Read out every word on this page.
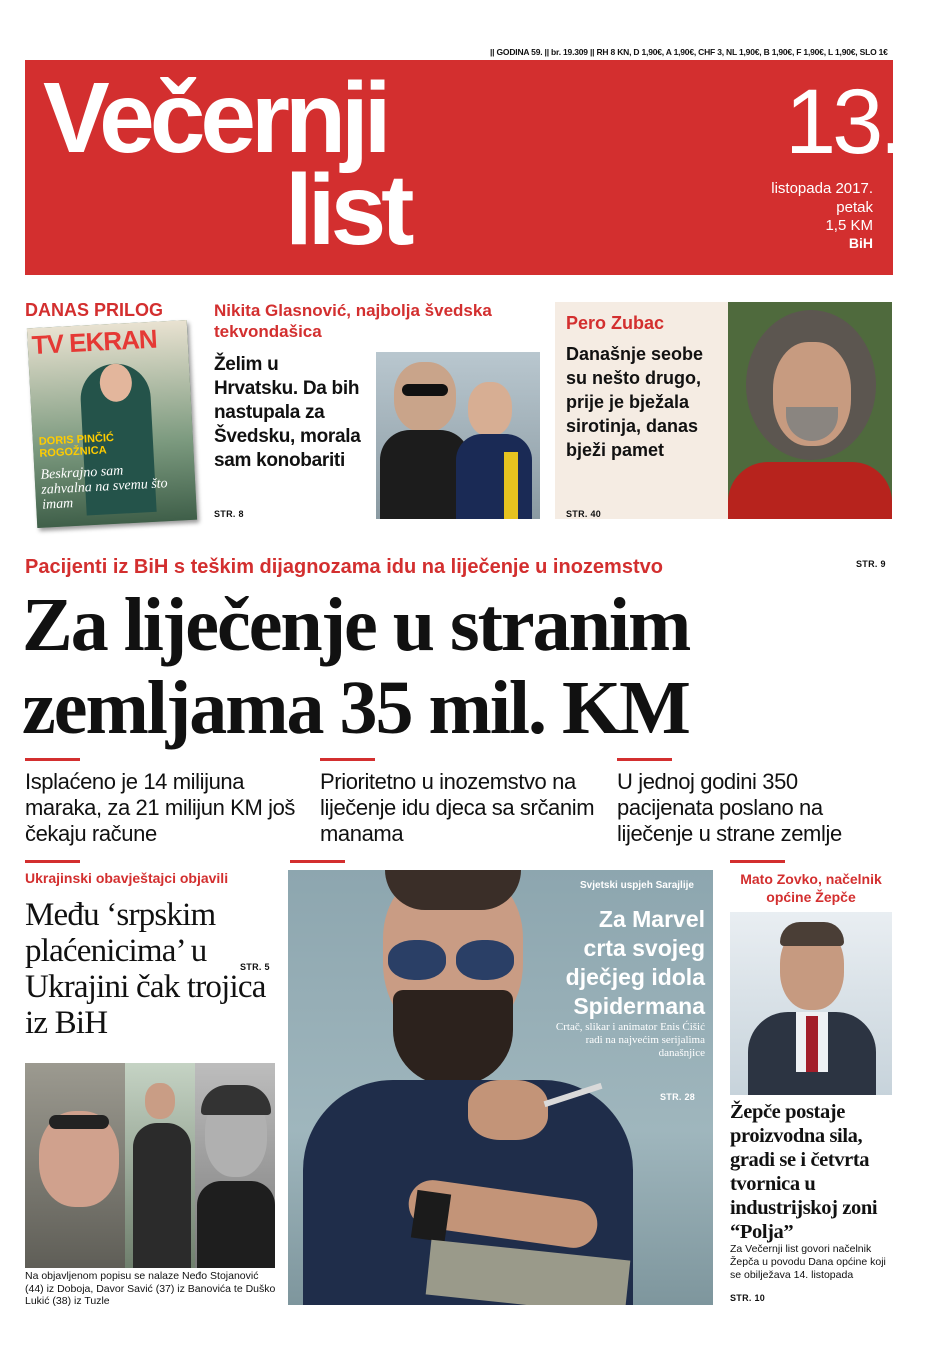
|| GODINA 59. || br. 19.309 || RH 8 KN, D 1,90€, A 1,90€, CHF 3, NL 1,90€, B 1,90€, F 1,90€, L 1,90€, SLO 1€
Večernji
list
13.
listopada 2017.
petak
1,5 KM
BiH
DANAS PRILOG
TV EKRAN
DORIS PINČIĆ ROGOŽNICA
Beskrajno sam zahvalna na svemu što imam
Nikita Glasnović, najbolja švedska tekvondašica
Želim u Hrvatsku. Da bih nastupala za Švedsku, morala sam konobariti
STR. 8
Pero Zubac
Današnje seobe su nešto drugo, prije je bježala sirotinja, danas bježi pamet
STR. 40
Pacijenti iz BiH s teškim dijagnozama idu na liječenje u inozemstvo	STR. 9
Za liječenje u stranim
zemljama 35 mil. KM
Isplaćeno je 14 milijuna maraka, za 21 milijun KM još čekaju račune
Prioritetno u inozemstvo na liječenje idu djeca sa srčanim manama
U jednoj godini 350 pacijenata poslano na liječenje u strane zemlje
Ukrajinski obavještajci objavili
Među ‘srpskim plaćenicima’ u Ukrajini čak trojica iz BiH
STR. 5
Na objavljenom popisu se nalaze Neđo Stojanović (44) iz Doboja, Davor Savić (37) iz Banovića te Duško Lukić (38) iz Tuzle
Svjetski uspjeh Sarajlije
Za Marvel crta svojeg dječjeg idola Spidermana
Crtač, slikar i animator Enis Ćišić radi na najvećim serijalima današnjice
STR. 28
Mato Zovko, načelnik općine Žepče
Žepče postaje proizvodna sila, gradi se i četvrta tvornica u industrijskoj zoni “Polja”
Za Večernji list govori načelnik Žepča u povodu Dana općine koji se obilježava 14. listopada
STR. 10
